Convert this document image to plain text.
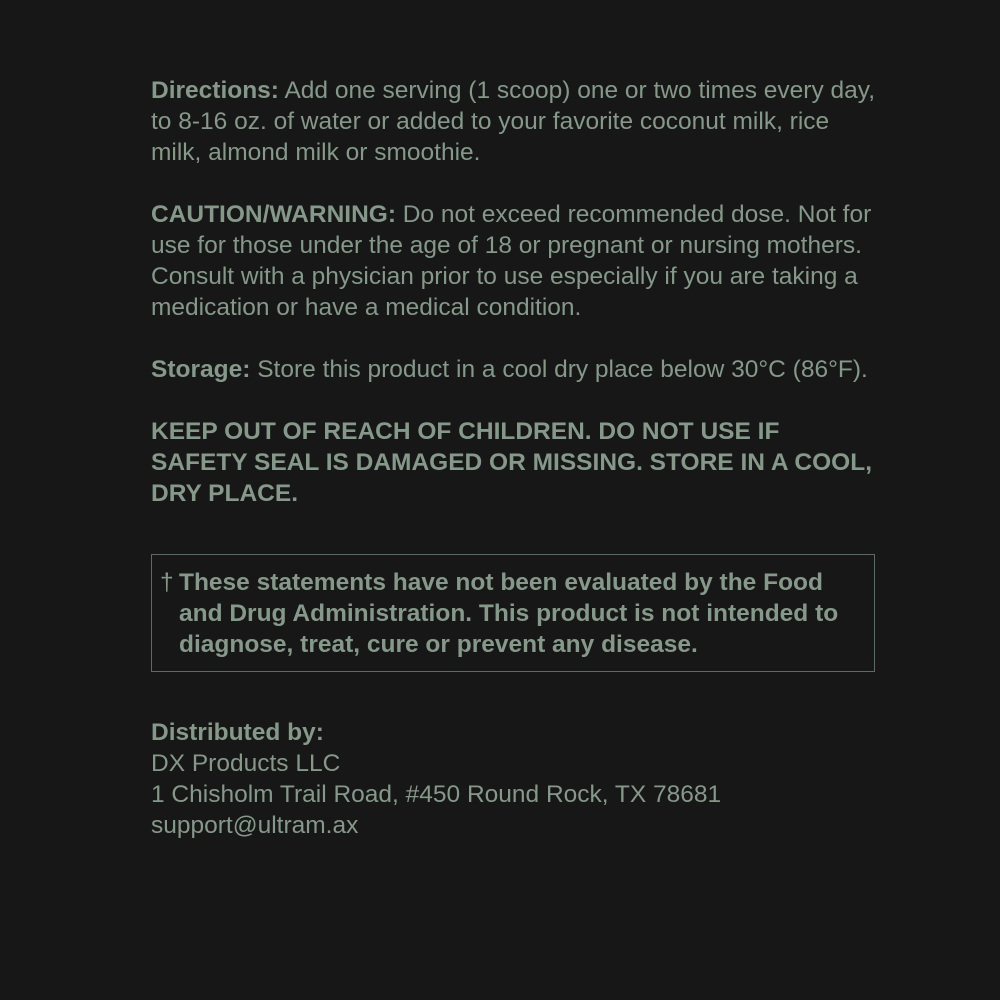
Directions: Add one serving (1 scoop) one or two times every day, to 8-16 oz. of water or added to your favorite coconut milk, rice milk, almond milk or smoothie.

CAUTION/WARNING: Do not exceed recommended dose. Not for use for those under the age of 18 or pregnant or nursing mothers. Consult with a physician prior to use especially if you are taking a medication or have a medical condition.

Storage: Store this product in a cool dry place below 30°C (86°F).

KEEP OUT OF REACH OF CHILDREN. DO NOT USE IF SAFETY SEAL IS DAMAGED OR MISSING. STORE IN A COOL, DRY PLACE.

† These statements have not been evaluated by the Food and Drug Administration. This product is not intended to diagnose, treat, cure or prevent any disease.

Distributed by:

DX Products LLC

1 Chisholm Trail Road, #450 Round Rock, TX 78681

support@ultram.ax
